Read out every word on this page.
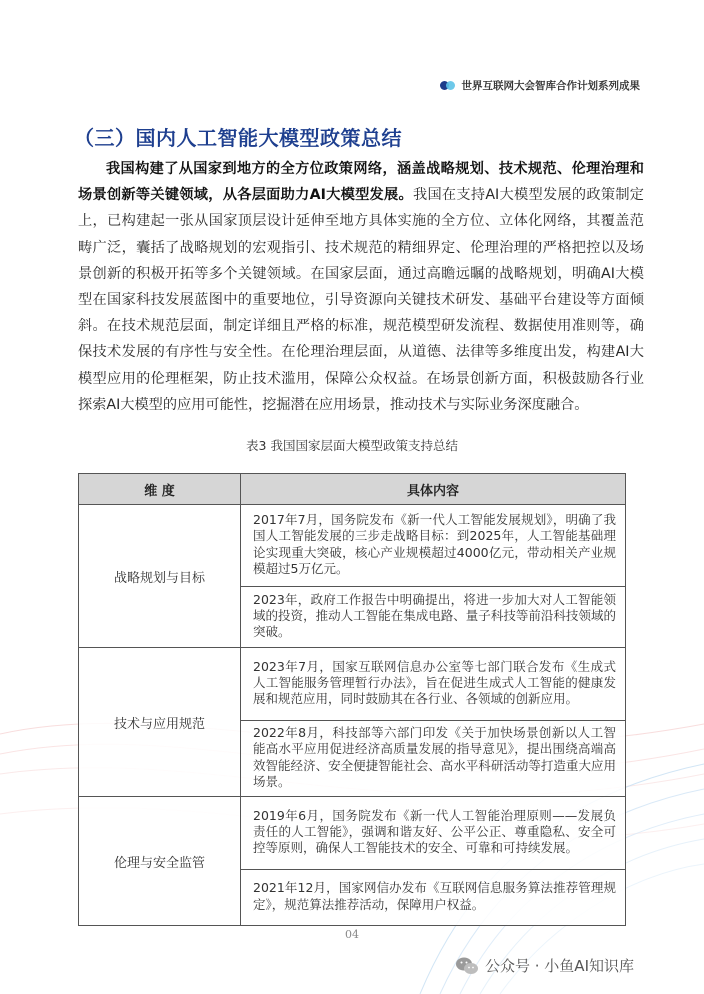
世界互联网大会智库合作计划系列成果
（三）国内人工智能大模型政策总结

我国构建了从国家到地方的全方位政策网络，涵盖战略规划、技术规范、伦理治理和场景创新等关键领域，从各层面助力AI大模型发展。我国在支持AI大模型发展的政策制定上，已构建起一张从国家顶层设计延伸至地方具体实施的全方位、立体化网络，其覆盖范畴广泛，囊括了战略规划的宏观指引、技术规范的精细界定、伦理治理的严格把控以及场景创新的积极开拓等多个关键领域。在国家层面，通过高瞻远瞩的战略规划，明确AI大模型在国家科技发展蓝图中的重要地位，引导资源向关键技术研发、基础平台建设等方面倾斜。在技术规范层面，制定详细且严格的标准，规范模型研发流程、数据使用准则等，确保技术发展的有序性与安全性。在伦理治理层面，从道德、法律等多维度出发，构建AI大模型应用的伦理框架，防止技术滥用，保障公众权益。在场景创新方面，积极鼓励各行业探索AI大模型的应用可能性，挖掘潜在应用场景，推动技术与实际业务深度融合。

表3 我国国家层面大模型政策支持总结
维 度	具体内容
战略规划与目标	2017年7月，国务院发布《新一代人工智能发展规划》，明确了我国人工智能发展的三步走战略目标：到2025年，人工智能基础理论实现重大突破，核心产业规模超过4000亿元，带动相关产业规模超过5万亿元。
	2023年，政府工作报告中明确提出，将进一步加大对人工智能领域的投资，推动人工智能在集成电路、量子科技等前沿科技领域的突破。
技术与应用规范	2023年7月，国家互联网信息办公室等七部门联合发布《生成式人工智能服务管理暂行办法》，旨在促进生成式人工智能的健康发展和规范应用，同时鼓励其在各行业、各领域的创新应用。
	2022年8月，科技部等六部门印发《关于加快场景创新以人工智能高水平应用促进经济高质量发展的指导意见》，提出围绕高端高效智能经济、安全便捷智能社会、高水平科研活动等打造重大应用场景。
伦理与安全监管	2019年6月，国务院发布《新一代人工智能治理原则——发展负责任的人工智能》，强调和谐友好、公平公正、尊重隐私、安全可控等原则，确保人工智能技术的安全、可靠和可持续发展。
	2021年12月，国家网信办发布《互联网信息服务算法推荐管理规定》，规范算法推荐活动，保障用户权益。
04
公众号 · 小鱼AI知识库
